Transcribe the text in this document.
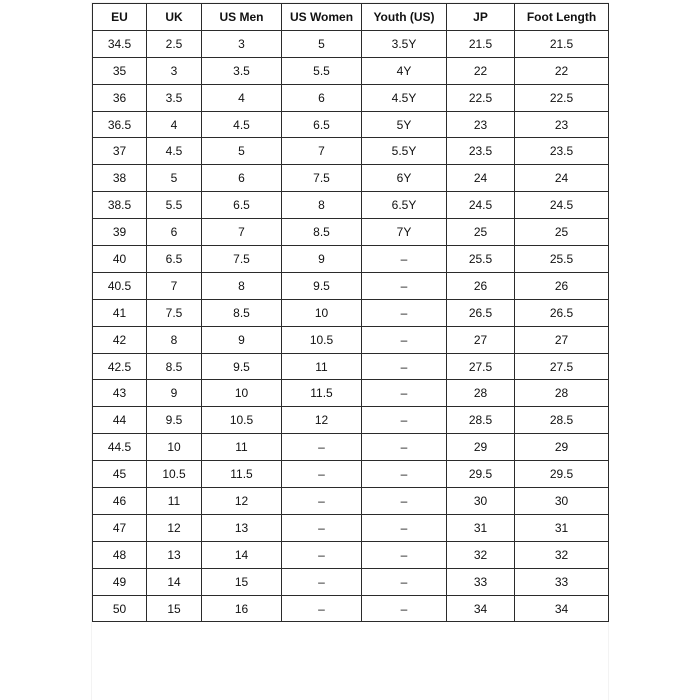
EU	UK	US Men	US Women	Youth (US)	JP	Foot Length
34.5	2.5	3	5	3.5Y	21.5	21.5
35	3	3.5	5.5	4Y	22	22
36	3.5	4	6	4.5Y	22.5	22.5
36.5	4	4.5	6.5	5Y	23	23
37	4.5	5	7	5.5Y	23.5	23.5
38	5	6	7.5	6Y	24	24
38.5	5.5	6.5	8	6.5Y	24.5	24.5
39	6	7	8.5	7Y	25	25
40	6.5	7.5	9	–	25.5	25.5
40.5	7	8	9.5	–	26	26
41	7.5	8.5	10	–	26.5	26.5
42	8	9	10.5	–	27	27
42.5	8.5	9.5	11	–	27.5	27.5
43	9	10	11.5	–	28	28
44	9.5	10.5	12	–	28.5	28.5
44.5	10	11	–	–	29	29
45	10.5	11.5	–	–	29.5	29.5
46	11	12	–	–	30	30
47	12	13	–	–	31	31
48	13	14	–	–	32	32
49	14	15	–	–	33	33
50	15	16	–	–	34	34
